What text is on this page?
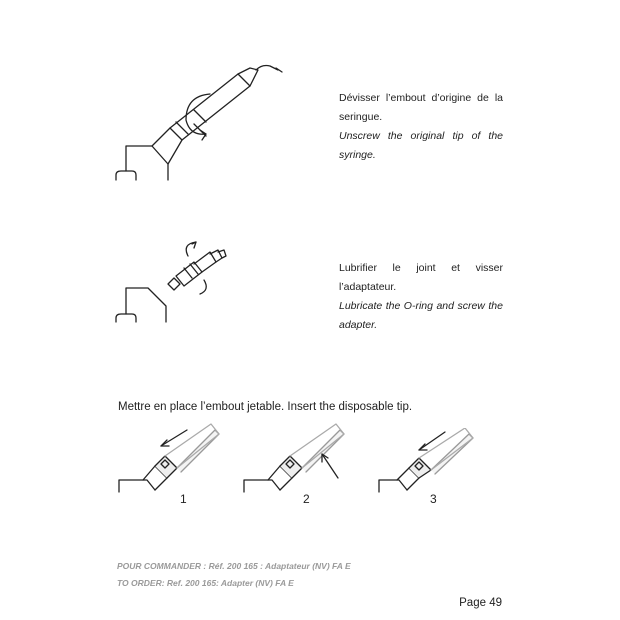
Dévisser l’embout d’origine de la seringue.

Unscrew the original tip of the syringe.

Lubrifier le joint et visser l’adaptateur.

Lubricate the O-ring and screw the adapter.

Mettre en place l’embout jetable. Insert the disposable tip.
1	2	3
POUR COMMANDER : Réf. 200 165 : Adaptateur (NV) FA E
TO ORDER: Ref. 200 165: Adapter (NV) FA E
Page 49
